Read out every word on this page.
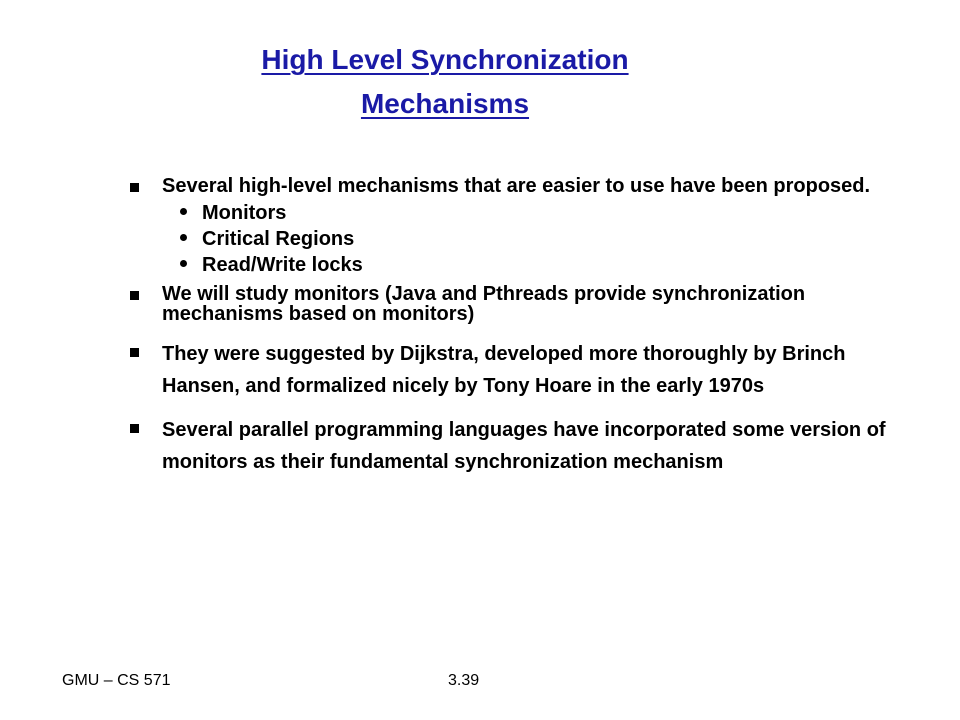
High Level Synchronization
Mechanisms
Several high-level mechanisms that are easier to use have been proposed.
Monitors
Critical Regions
Read/Write locks
We will study monitors (Java and Pthreads provide synchronization mechanisms based on monitors)
They were suggested by Dijkstra, developed more thoroughly by Brinch Hansen, and formalized nicely by Tony Hoare in the early 1970s
Several parallel programming languages have incorporated some version of monitors as their fundamental synchronization mechanism
GMU – CS 571	3.39
